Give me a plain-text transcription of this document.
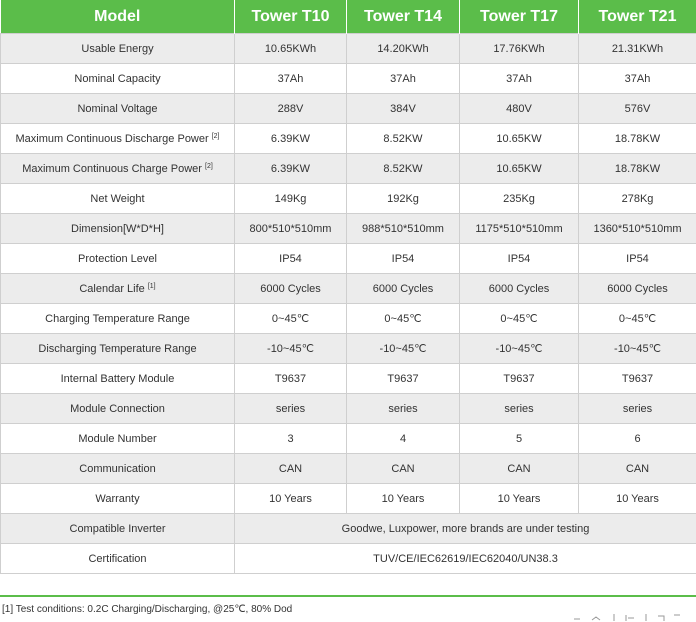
Model	Tower T10	Tower T14	Tower T17	Tower T21
Usable Energy	10.65KWh	14.20KWh	17.76KWh	21.31KWh
Nominal Capacity	37Ah	37Ah	37Ah	37Ah
Nominal Voltage	288V	384V	480V	576V
Maximum Continuous Discharge Power [2]	6.39KW	8.52KW	10.65KW	18.78KW
Maximum Continuous Charge Power [2]	6.39KW	8.52KW	10.65KW	18.78KW
Net Weight	149Kg	192Kg	235Kg	278Kg
Dimension[W*D*H]	800*510*510mm	988*510*510mm	1175*510*510mm	1360*510*510mm
Protection Level	IP54	IP54	IP54	IP54
Calendar Life [1]	6000 Cycles	6000 Cycles	6000 Cycles	6000 Cycles
Charging Temperature Range	0~45℃	0~45℃	0~45℃	0~45℃
Discharging Temperature Range	-10~45℃	-10~45℃	-10~45℃	-10~45℃
Internal Battery Module	T9637	T9637	T9637	T9637
Module Connection	series	series	series	series
Module Number	3	4	5	6
Communication	CAN	CAN	CAN	CAN
Warranty	10 Years	10 Years	10 Years	10 Years
Compatible Inverter	Goodwe, Luxpower, more brands are under testing			
Certification	TUV/CE/IEC62619/IEC62040/UN38.3			
[1] Test conditions: 0.2C Charging/Discharging, @25℃, 80% Dod
